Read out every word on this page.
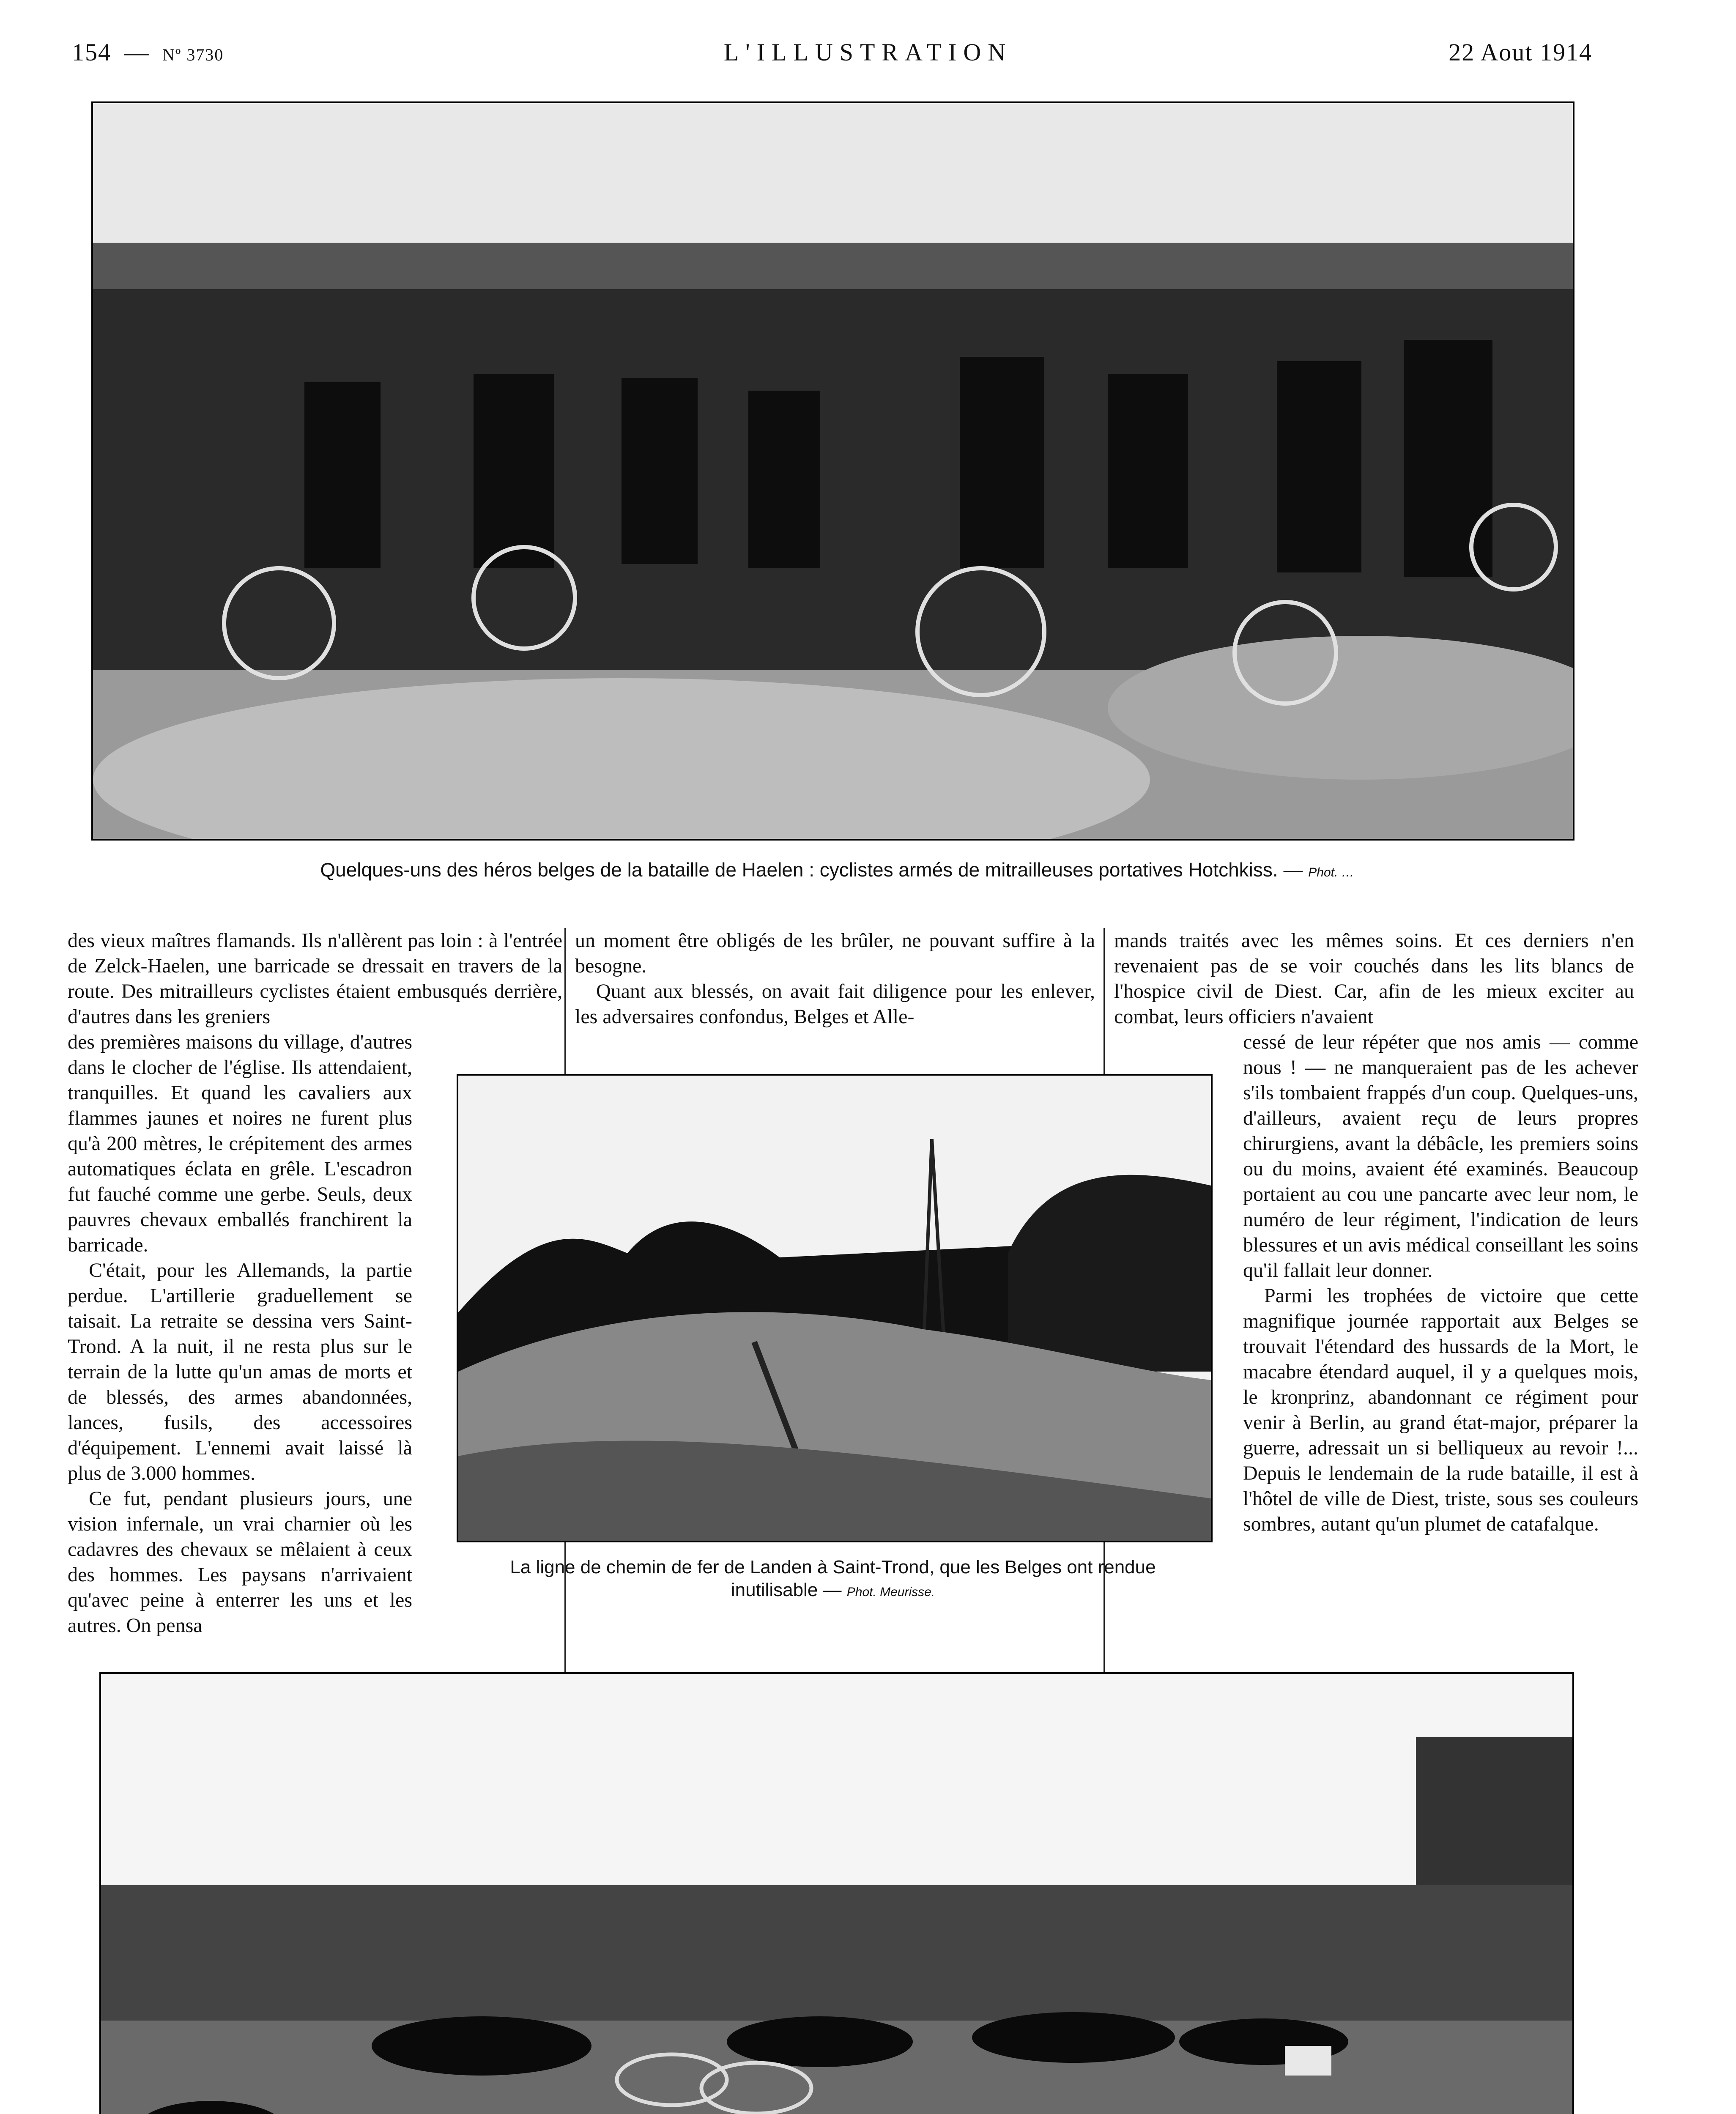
154 — Nº 3730	L'ILLUSTRATION	22 Aout 1914
Quelques-uns des héros belges de la bataille de Haelen : cyclistes armés de mitrailleuses portatives Hotchkiss. — Phot. …

des vieux maîtres flamands. Ils n'allèrent pas loin : à l'entrée de Zelck-Haelen, une barricade se dressait en travers de la route. Des mitrailleurs cyclistes étaient embusqués derrière, d'autres dans les greniers

un moment être obligés de les brûler, ne pouvant suffire à la besogne.

Quant aux blessés, on avait fait diligence pour les enlever, les adversaires confondus, Belges et Alle-

mands traités avec les mêmes soins. Et ces derniers n'en revenaient pas de se voir couchés dans les lits blancs de l'hospice civil de Diest. Car, afin de les mieux exciter au combat, leurs officiers n'avaient

des premières maisons du village, d'autres dans le clocher de l'église. Ils attendaient, tranquilles. Et quand les cavaliers aux flammes jaunes et noires ne furent plus qu'à 200 mètres, le crépitement des armes automatiques éclata en grêle. L'escadron fut fauché comme une gerbe. Seuls, deux pauvres chevaux emballés franchirent la barricade.

C'était, pour les Allemands, la partie perdue. L'artillerie graduellement se taisait. La retraite se dessina vers Saint-Trond. A la nuit, il ne resta plus sur le terrain de la lutte qu'un amas de morts et de blessés, des armes abandonnées, lances, fusils, des accessoires d'équipement. L'ennemi avait laissé là plus de 3.000 hommes.

Ce fut, pendant plusieurs jours, une vision infernale, un vrai charnier où les cadavres des chevaux se mêlaient à ceux des hommes. Les paysans n'arrivaient qu'avec peine à enterrer les uns et les autres. On pensa

La ligne de chemin de fer de Landen à Saint-Trond, que les Belges ont rendue
inutilisable — Phot. Meurisse.

cessé de leur répéter que nos amis — comme nous ! — ne manqueraient pas de les achever s'ils tombaient frappés d'un coup. Quelques-uns, d'ailleurs, avaient reçu de leurs propres chirurgiens, avant la débâcle, les premiers soins ou du moins, avaient été examinés. Beaucoup portaient au cou une pancarte avec leur nom, le numéro de leur régiment, l'indication de leurs blessures et un avis médical conseillant les soins qu'il fallait leur donner.

Parmi les trophées de victoire que cette magnifique journée rapportait aux Belges se trouvait l'étendard des hussards de la Mort, le macabre étendard auquel, il y a quelques mois, le kronprinz, abandonnant ce régiment pour venir à Berlin, au grand état-major, préparer la guerre, adressait un si belliqueux au revoir !... Depuis le lendemain de la rude bataille, il est à l'hôtel de ville de Diest, triste, sous ses couleurs sombres, autant qu'un plumet de catafalque.
